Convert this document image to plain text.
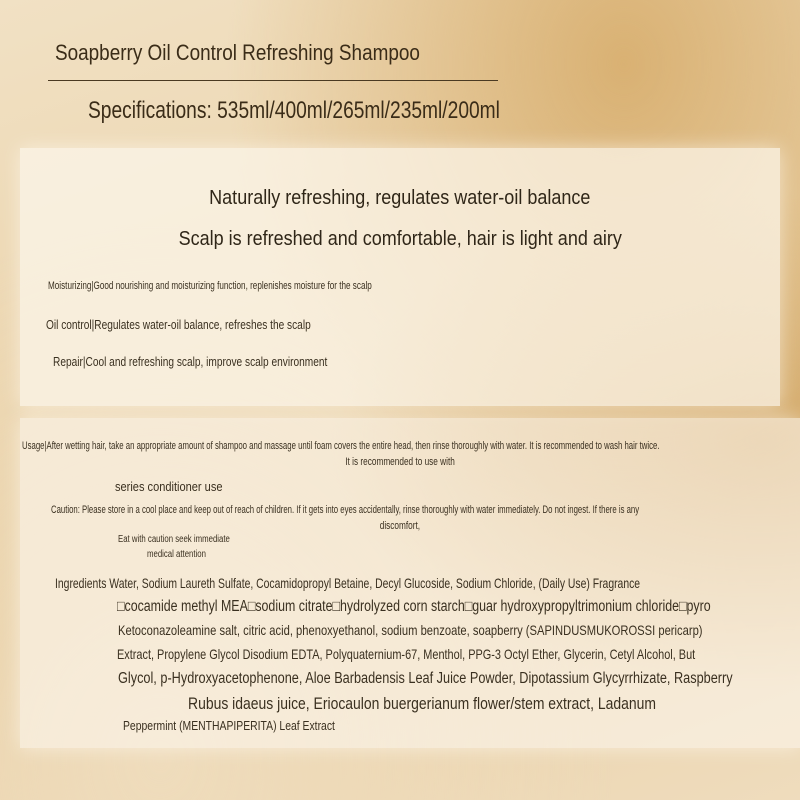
Soapberry Oil Control Refreshing Shampoo
Specifications: 535ml/400ml/265ml/235ml/200ml
Naturally refreshing, regulates water-oil balance
Scalp is refreshed and comfortable, hair is light and airy
Moisturizing|Good nourishing and moisturizing function, replenishes moisture for the scalp
Oil control|Regulates water-oil balance, refreshes the scalp
Repair|Cool and refreshing scalp, improve scalp environment
Usage|After wetting hair, take an appropriate amount of shampoo and massage until foam covers the entire head, then rinse thoroughly with water. It is recommended to wash hair twice.
It is recommended to use with
series conditioner use
Caution: Please store in a cool place and keep out of reach of children. If it gets into eyes accidentally, rinse thoroughly with water immediately. Do not ingest. If there is any
discomfort,
Eat with caution seek immediate
medical attention
Ingredients Water, Sodium Laureth Sulfate, Cocamidopropyl Betaine, Decyl Glucoside, Sodium Chloride, (Daily Use) Fragrance
□cocamide methyl MEA□sodium citrate□hydrolyzed corn starch□guar hydroxypropyltrimonium chloride□pyro
Ketoconazoleamine salt, citric acid, phenoxyethanol, sodium benzoate, soapberry (SAPINDUSMUKOROSSI pericarp)
Extract, Propylene Glycol Disodium EDTA, Polyquaternium-67, Menthol, PPG-3 Octyl Ether, Glycerin, Cetyl Alcohol, But
Glycol, p-Hydroxyacetophenone, Aloe Barbadensis Leaf Juice Powder, Dipotassium Glycyrrhizate, Raspberry
Rubus idaeus juice, Eriocaulon buergerianum flower/stem extract, Ladanum
Peppermint (MENTHAPIPERITA) Leaf Extract
